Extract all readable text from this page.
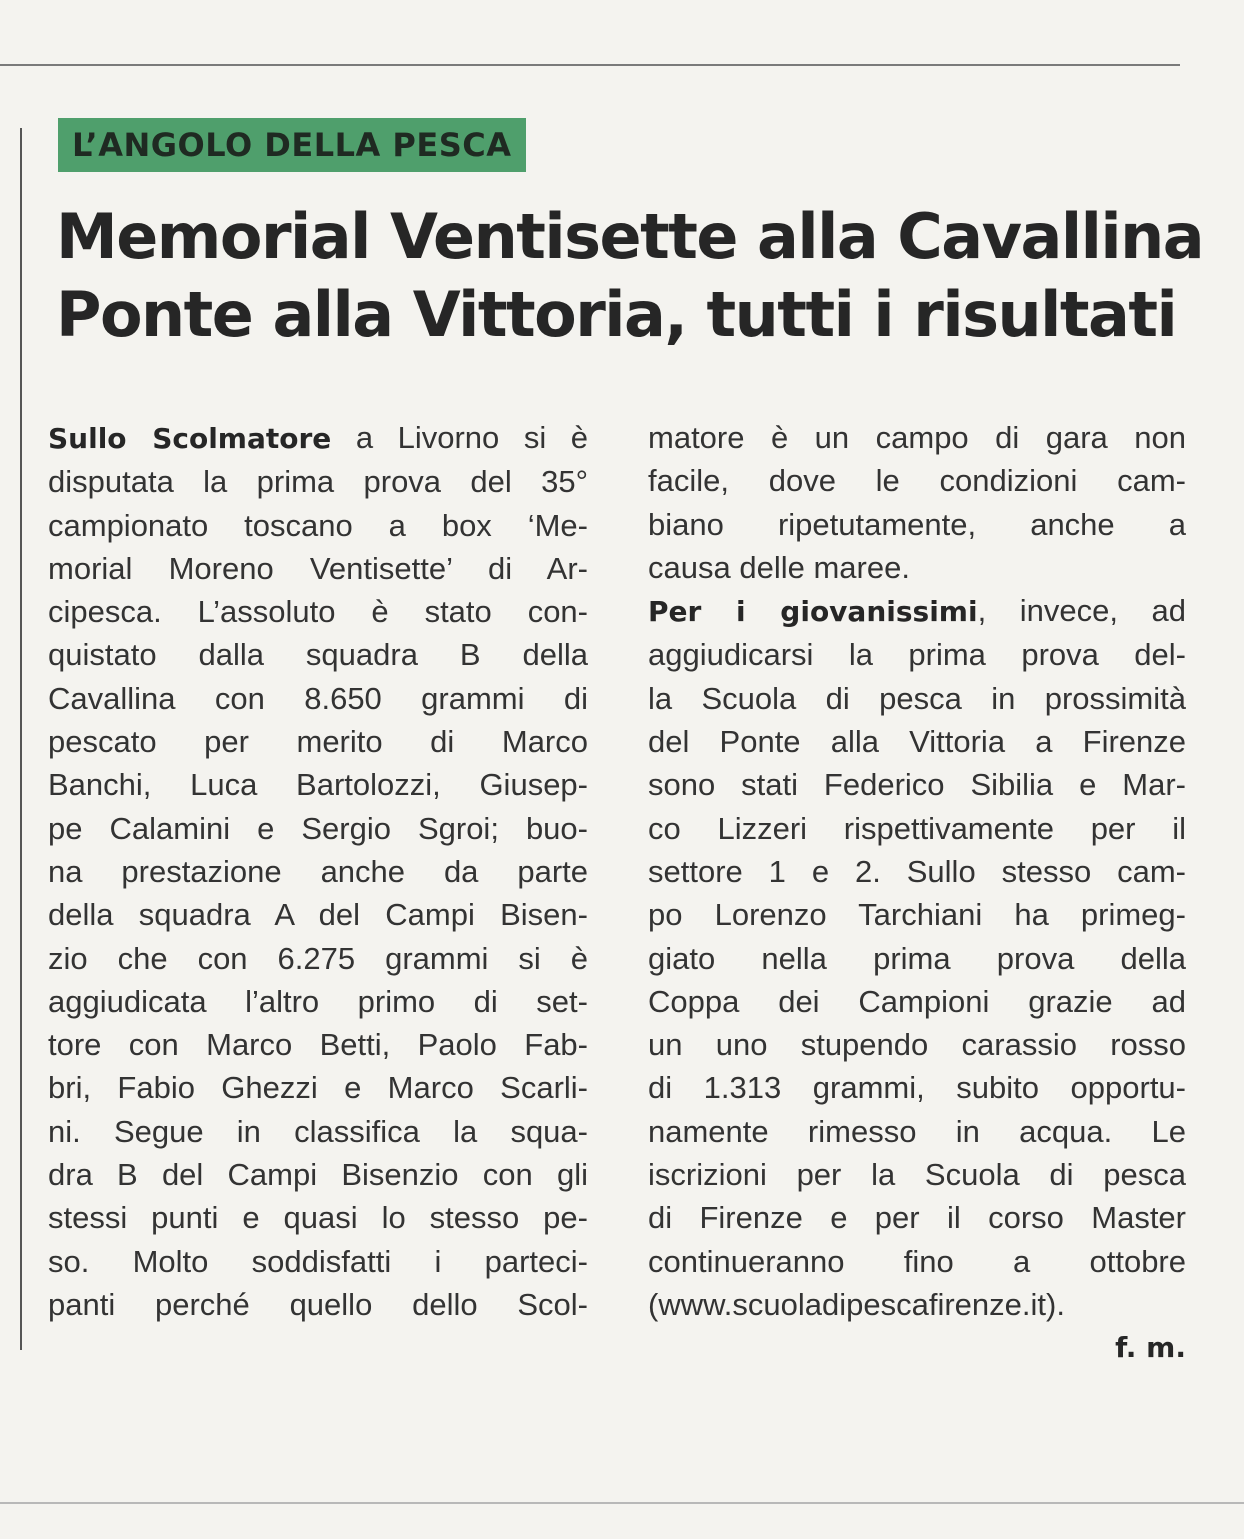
L’ANGOLO DELLA PESCA
Memorial Ventisette alla Cavallina
Ponte alla Vittoria, tutti i risultati
Sullo Scolmatore a Livorno si è
disputata la prima prova del 35°
campionato toscano a box ‘Me-
morial Moreno Ventisette’ di Ar-
cipesca. L’assoluto è stato con-
quistato dalla squadra B della
Cavallina con 8.650 grammi di
pescato per merito di Marco
Banchi, Luca Bartolozzi, Giusep-
pe Calamini e Sergio Sgroi; buo-
na prestazione anche da parte
della squadra A del Campi Bisen-
zio che con 6.275 grammi si è
aggiudicata l’altro primo di set-
tore con Marco Betti, Paolo Fab-
bri, Fabio Ghezzi e Marco Scarli-
ni. Segue in classifica la squa-
dra B del Campi Bisenzio con gli
stessi punti e quasi lo stesso pe-
so. Molto soddisfatti i parteci-
panti perché quello dello Scol-
matore è un campo di gara non
facile, dove le condizioni cam-
biano ripetutamente, anche a
causa delle maree.
Per i giovanissimi, invece, ad
aggiudicarsi la prima prova del-
la Scuola di pesca in prossimità
del Ponte alla Vittoria a Firenze
sono stati Federico Sibilia e Mar-
co Lizzeri rispettivamente per il
settore 1 e 2. Sullo stesso cam-
po Lorenzo Tarchiani ha primeg-
giato nella prima prova della
Coppa dei Campioni grazie ad
un uno stupendo carassio rosso
di 1.313 grammi, subito opportu-
namente rimesso in acqua. Le
iscrizioni per la Scuola di pesca
di Firenze e per il corso Master
continueranno fino a ottobre
(www.scuoladipescafirenze.it).
f. m.
